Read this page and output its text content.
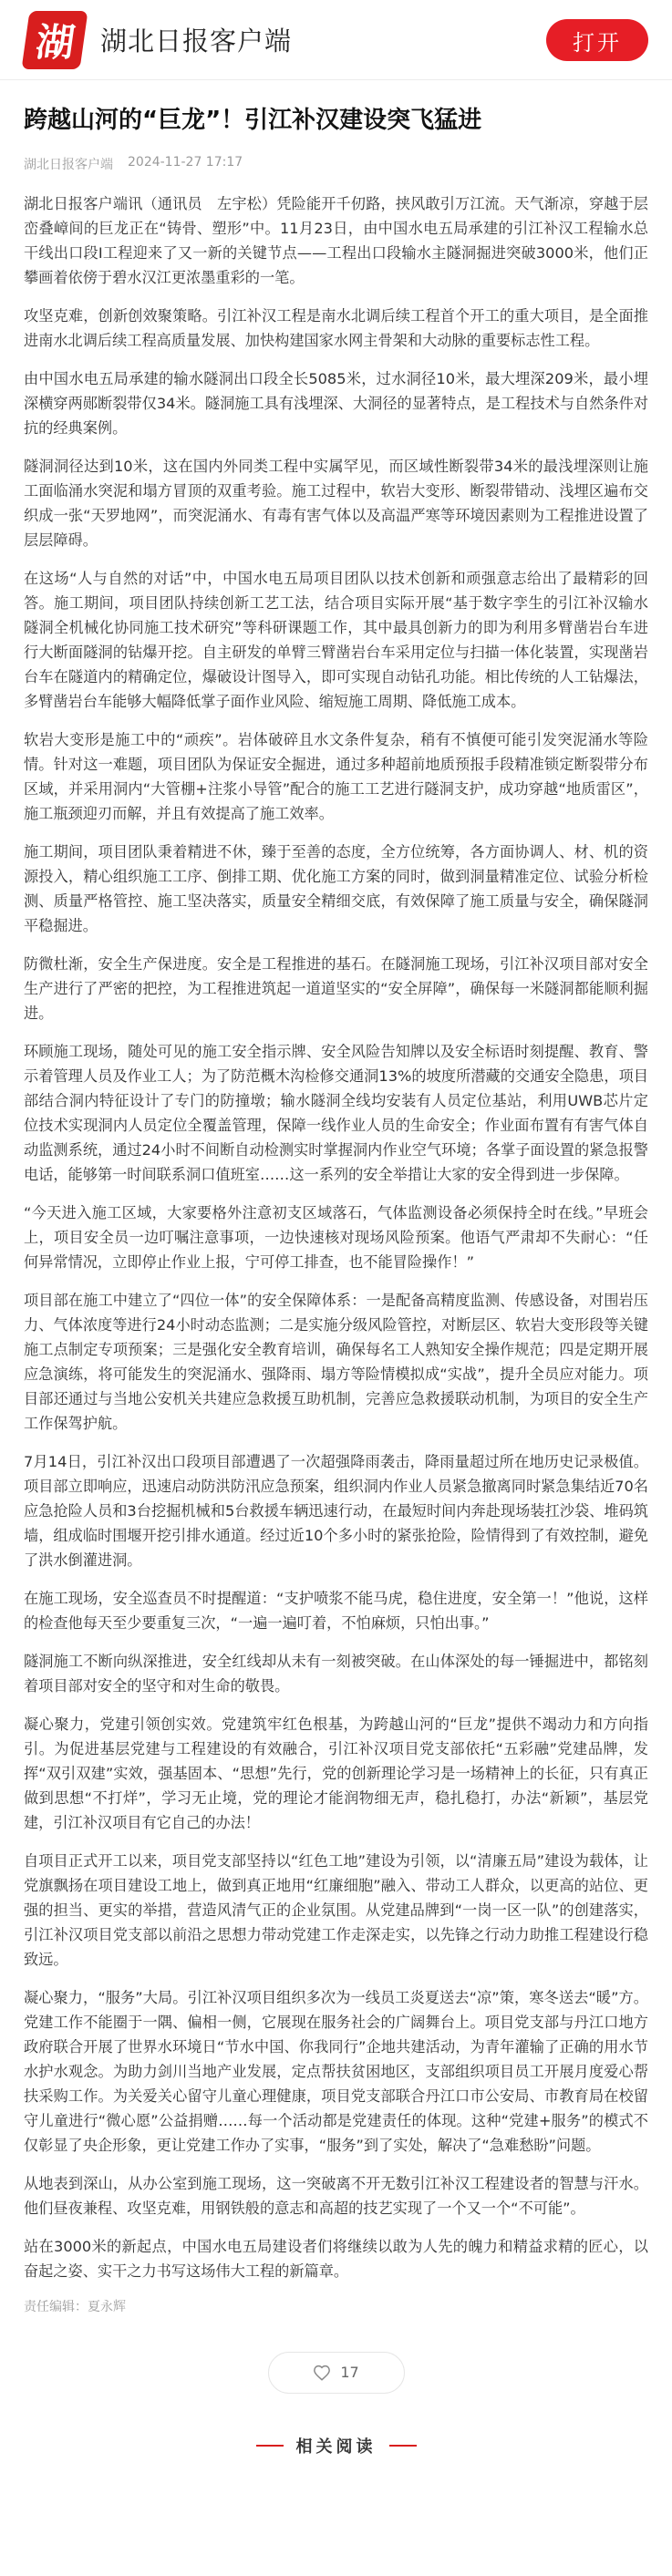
湖 湖北日报客户端	打开
跨越山河的“巨龙”！引江补汉建设突飞猛进
湖北日报客户端 2024-11-27 17:17

湖北日报客户端讯（通讯员　左宇松）凭险能开千仞路，挟风敢引万江流。天气渐凉，穿越于层峦叠嶂间的巨龙正在“铸骨、塑形”中。11月23日，由中国水电五局承建的引江补汉工程输水总干线出口段Ⅰ工程迎来了又一新的关键节点——工程出口段输水主隧洞掘进突破3000米，他们正攀画着依傍于碧水汉江更浓墨重彩的一笔。

攻坚克难，创新创效聚策略。引江补汉工程是南水北调后续工程首个开工的重大项目，是全面推进南水北调后续工程高质量发展、加快构建国家水网主骨架和大动脉的重要标志性工程。

由中国水电五局承建的输水隧洞出口段全长5085米，过水洞径10米，最大埋深209米，最小埋深横穿两郧断裂带仅34米。隧洞施工具有浅埋深、大洞径的显著特点，是工程技术与自然条件对抗的经典案例。

隧洞洞径达到10米，这在国内外同类工程中实属罕见，而区域性断裂带34米的最浅埋深则让施工面临涌水突泥和塌方冒顶的双重考验。施工过程中，软岩大变形、断裂带错动、浅埋区遍布交织成一张“天罗地网”，而突泥涌水、有毒有害气体以及高温严寒等环境因素则为工程推进设置了层层障碍。

在这场“人与自然的对话”中，中国水电五局项目团队以技术创新和顽强意志给出了最精彩的回答。施工期间，项目团队持续创新工艺工法，结合项目实际开展“基于数字孪生的引江补汉输水隧洞全机械化协同施工技术研究”等科研课题工作，其中最具创新力的即为利用多臂凿岩台车进行大断面隧洞的钻爆开挖。自主研发的单臂三臂凿岩台车采用定位与扫描一体化装置，实现凿岩台车在隧道内的精确定位，爆破设计图导入，即可实现自动钻孔功能。相比传统的人工钻爆法，多臂凿岩台车能够大幅降低掌子面作业风险、缩短施工周期、降低施工成本。

软岩大变形是施工中的“顽疾”。岩体破碎且水文条件复杂，稍有不慎便可能引发突泥涌水等险情。针对这一难题，项目团队为保证安全掘进，通过多种超前地质预报手段精准锁定断裂带分布区域，并采用洞内“大管棚+注浆小导管”配合的施工工艺进行隧洞支护，成功穿越“地质雷区”，施工瓶颈迎刃而解，并且有效提高了施工效率。

施工期间，项目团队秉着精进不休，臻于至善的态度，全方位统筹，各方面协调人、材、机的资源投入，精心组织施工工序、倒排工期、优化施工方案的同时，做到洞量精准定位、试验分析检测、质量严格管控、施工坚决落实，质量安全精细交底，有效保障了施工质量与安全，确保隧洞平稳掘进。

防微杜渐，安全生产保进度。安全是工程推进的基石。在隧洞施工现场，引江补汉项目部对安全生产进行了严密的把控，为工程推进筑起一道道坚实的“安全屏障”，确保每一米隧洞都能顺利掘进。

环顾施工现场，随处可见的施工安全指示牌、安全风险告知牌以及安全标语时刻提醒、教育、警示着管理人员及作业工人；为了防范概木沟检修交通洞13%的坡度所潜藏的交通安全隐患，项目部结合洞内特征设计了专门的防撞墩；输水隧洞全线均安装有人员定位基站，利用UWB芯片定位技术实现洞内人员定位全覆盖管理，保障一线作业人员的生命安全；作业面布置有有害气体自动监测系统，通过24小时不间断自动检测实时掌握洞内作业空气环境；各掌子面设置的紧急报警电话，能够第一时间联系洞口值班室……这一系列的安全举措让大家的安全得到进一步保障。

“今天进入施工区域，大家要格外注意初支区域落石，气体监测设备必须保持全时在线。”早班会上，项目安全员一边叮嘱注意事项，一边快速核对现场风险预案。他语气严肃却不失耐心：“任何异常情况，立即停止作业上报，宁可停工排查，也不能冒险操作！”

项目部在施工中建立了“四位一体”的安全保障体系：一是配备高精度监测、传感设备，对围岩压力、气体浓度等进行24小时动态监测；二是实施分级风险管控，对断层区、软岩大变形段等关键施工点制定专项预案；三是强化安全教育培训，确保每名工人熟知安全操作规范；四是定期开展应急演练，将可能发生的突泥涌水、强降雨、塌方等险情模拟成“实战”，提升全员应对能力。项目部还通过与当地公安机关共建应急救援互助机制，完善应急救援联动机制，为项目的安全生产工作保驾护航。

7月14日，引江补汉出口段项目部遭遇了一次超强降雨袭击，降雨量超过所在地历史记录极值。项目部立即响应，迅速启动防洪防汛应急预案，组织洞内作业人员紧急撤离同时紧急集结近70名应急抢险人员和3台挖掘机械和5台救援车辆迅速行动，在最短时间内奔赴现场装扛沙袋、堆码筑墙，组成临时围堰开挖引排水通道。经过近10个多小时的紧张抢险，险情得到了有效控制，避免了洪水倒灌进洞。

在施工现场，安全巡查员不时提醒道：“支护喷浆不能马虎，稳住进度，安全第一！”他说，这样的检查他每天至少要重复三次，“一遍一遍叮着，不怕麻烦，只怕出事。”

隧洞施工不断向纵深推进，安全红线却从未有一刻被突破。在山体深处的每一锤掘进中，都铭刻着项目部对安全的坚守和对生命的敬畏。

凝心聚力，党建引领创实效。党建筑牢红色根基，为跨越山河的“巨龙”提供不竭动力和方向指引。为促进基层党建与工程建设的有效融合，引江补汉项目党支部依托“五彩融”党建品牌，发挥“双引双建”实效，强基固本、“思想”先行，党的创新理论学习是一场精神上的长征，只有真正做到思想“不打烊”，学习无止境，党的理论才能润物细无声，稳扎稳打，办法“新颖”，基层党建，引江补汉项目有它自己的办法！

自项目正式开工以来，项目党支部坚持以“红色工地”建设为引领，以“清廉五局”建设为载体，让党旗飘扬在项目建设工地上，做到真正地用“红廉细胞”融入、带动工人群众，以更高的站位、更强的担当、更实的举措，营造风清气正的企业氛围。从党建品牌到“一岗一区一队”的创建落实，引江补汉项目党支部以前沿之思想力带动党建工作走深走实，以先锋之行动力助推工程建设行稳致远。

凝心聚力，“服务”大局。引江补汉项目组织多次为一线员工炎夏送去“凉”策，寒冬送去“暖”方。党建工作不能圈于一隅、偏相一侧，它展现在服务社会的广阔舞台上。项目党支部与丹江口地方政府联合开展了世界水环境日“节水中国、你我同行”企地共建活动，为青年灌输了正确的用水节水护水观念。为助力剑川当地产业发展，定点帮扶贫困地区，支部组织项目员工开展月度爱心帮扶采购工作。为关爱关心留守儿童心理健康，项目党支部联合丹江口市公安局、市教育局在校留守儿童进行“微心愿”公益捐赠……每一个活动都是党建责任的体现。这种“党建+服务”的模式不仅彰显了央企形象，更让党建工作办了实事，“服务”到了实处，解决了“急难愁盼”问题。

从地表到深山，从办公室到施工现场，这一突破离不开无数引江补汉工程建设者的智慧与汗水。他们昼夜兼程、攻坚克难，用钢铁般的意志和高超的技艺实现了一个又一个“不可能”。

站在3000米的新起点，中国水电五局建设者们将继续以敢为人先的魄力和精益求精的匠心，以奋起之姿、实干之力书写这场伟大工程的新篇章。

责任编辑：夏永辉
17
相关阅读
